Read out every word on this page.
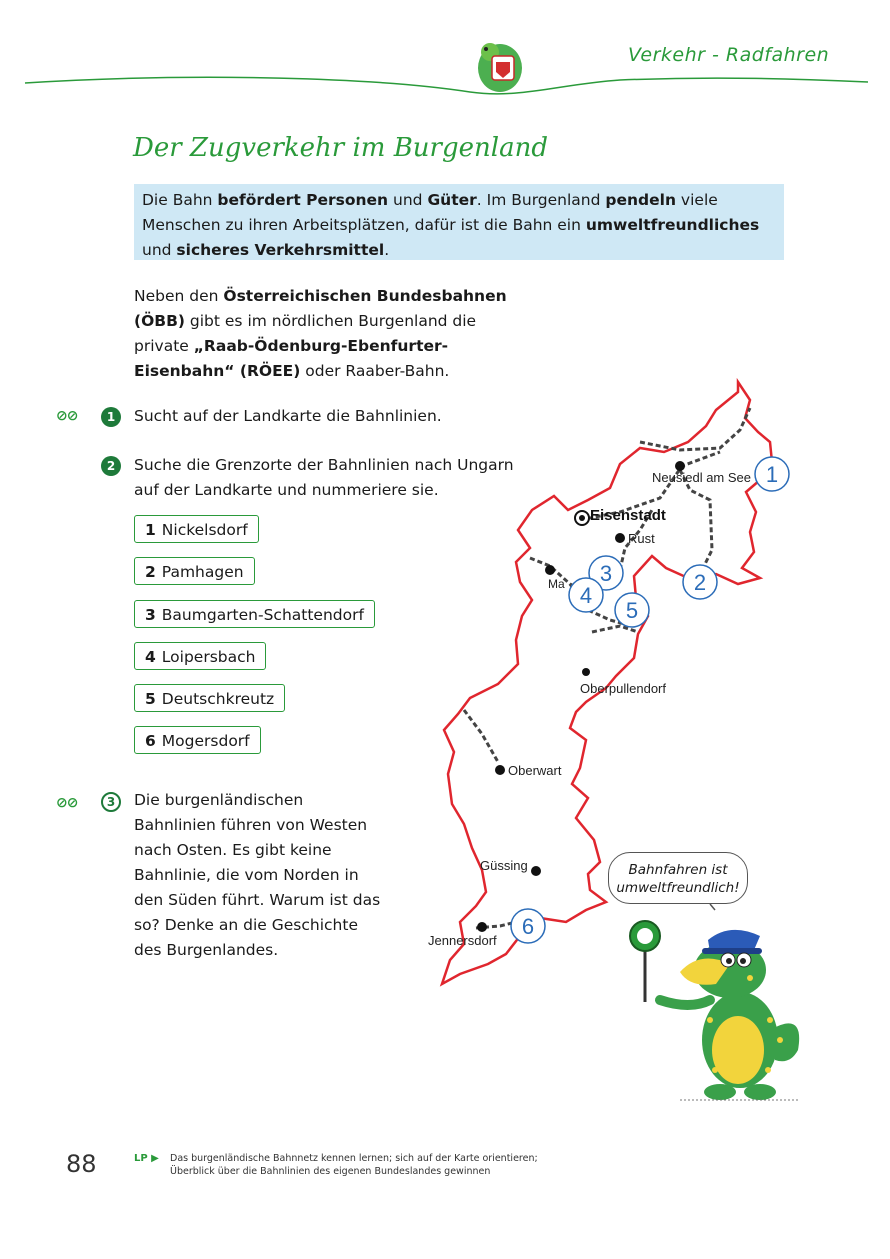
Verkehr - Radfahren
Der Zugverkehr im Burgenland
Die Bahn befördert Personen und Güter. Im Burgenland pendeln viele Menschen zu ihren Arbeitsplätzen, dafür ist die Bahn ein umweltfreundliches und sicheres Verkehrsmittel.
Neben den Österreichischen Bundesbahnen (ÖBB) gibt es im nördlichen Burgenland die private „Raab-Ödenburg-Ebenfurter-Eisenbahn“ (RÖEE) oder Raaber-Bahn.
⊘⊘	1	Sucht auf der Landkarte die Bahnlinien.
2	Suche die Grenzorte der Bahnlinien nach Ungarn auf der Landkarte und nummeriere sie.
1 Nickelsdorf
2 Pamhagen
3 Baumgarten-Schattendorf
4 Loipersbach
5 Deutschkreutz
6 Mogersdorf
⊘⊘	3	Die burgenländischen Bahnlinien führen von Westen nach Osten. Es gibt keine Bahnlinie, die vom Norden in den Süden führt. Warum ist das so? Denke an die Geschichte des Burgenlandes.
Neusiedl am See
Eisenstadt
Rust
Ma
Oberpullendorf
Oberwart
Güssing
Jennersdorf
1
2
3
4
5
6
Bahnfahren ist
umweltfreundlich!
88	LP ▶ Das burgenländische Bahnnetz kennen lernen; sich auf der Karte orientieren;
Überblick über die Bahnlinien des eigenen Bundeslandes gewinnen
